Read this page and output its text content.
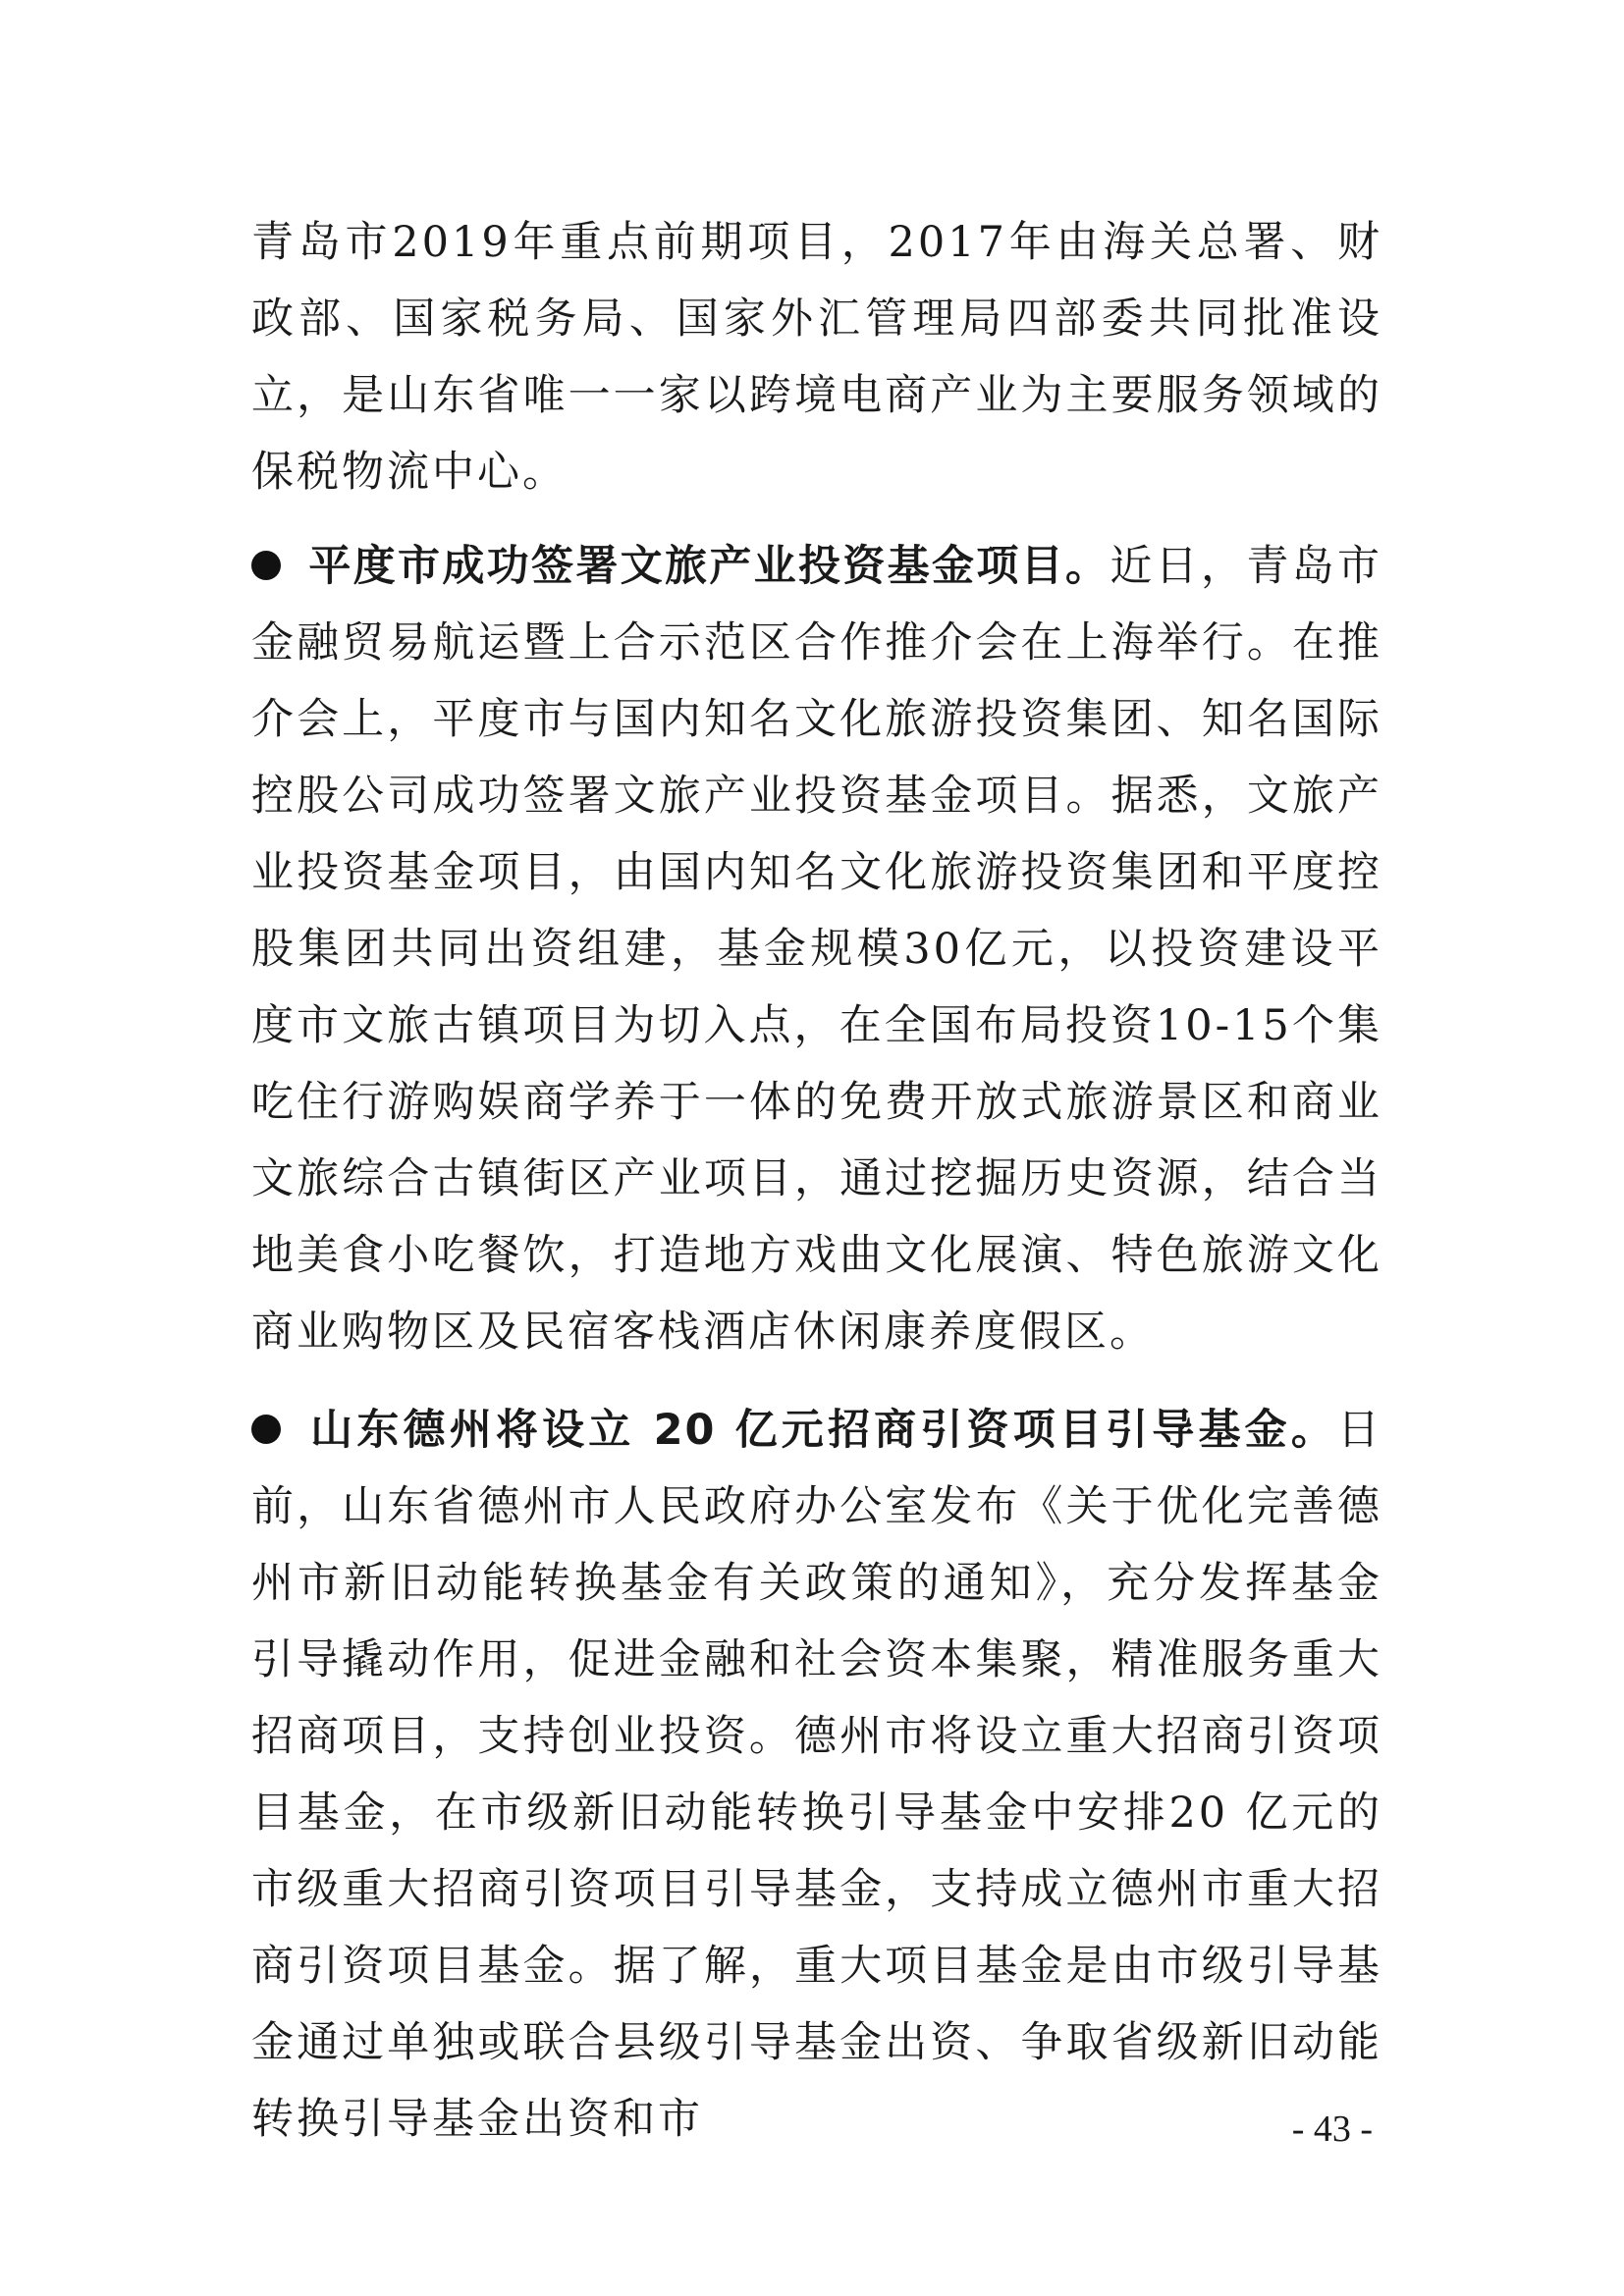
青岛市2019年重点前期项目，2017年由海关总署、财政部、国家税务局、国家外汇管理局四部委共同批准设立，是山东省唯一一家以跨境电商产业为主要服务领域的保税物流中心。

平度市成功签署文旅产业投资基金项目。近日，青岛市金融贸易航运暨上合示范区合作推介会在上海举行。在推介会上，平度市与国内知名文化旅游投资集团、知名国际控股公司成功签署文旅产业投资基金项目。据悉，文旅产业投资基金项目，由国内知名文化旅游投资集团和平度控股集团共同出资组建，基金规模30亿元，以投资建设平度市文旅古镇项目为切入点，在全国布局投资10-15个集吃住行游购娱商学养于一体的免费开放式旅游景区和商业文旅综合古镇街区产业项目，通过挖掘历史资源，结合当地美食小吃餐饮，打造地方戏曲文化展演、特色旅游文化商业购物区及民宿客栈酒店休闲康养度假区。

山东德州将设立 20 亿元招商引资项目引导基金。日前，山东省德州市人民政府办公室发布《关于优化完善德州市新旧动能转换基金有关政策的通知》，充分发挥基金引导撬动作用，促进金融和社会资本集聚，精准服务重大招商项目，支持创业投资。德州市将设立重大招商引资项目基金，在市级新旧动能转换引导基金中安排20 亿元的市级重大招商引资项目引导基金，支持成立德州市重大招商引资项目基金。据了解，重大项目基金是由市级引导基金通过单独或联合县级引导基金出资、争取省级新旧动能转换引导基金出资和市	- 43 -
